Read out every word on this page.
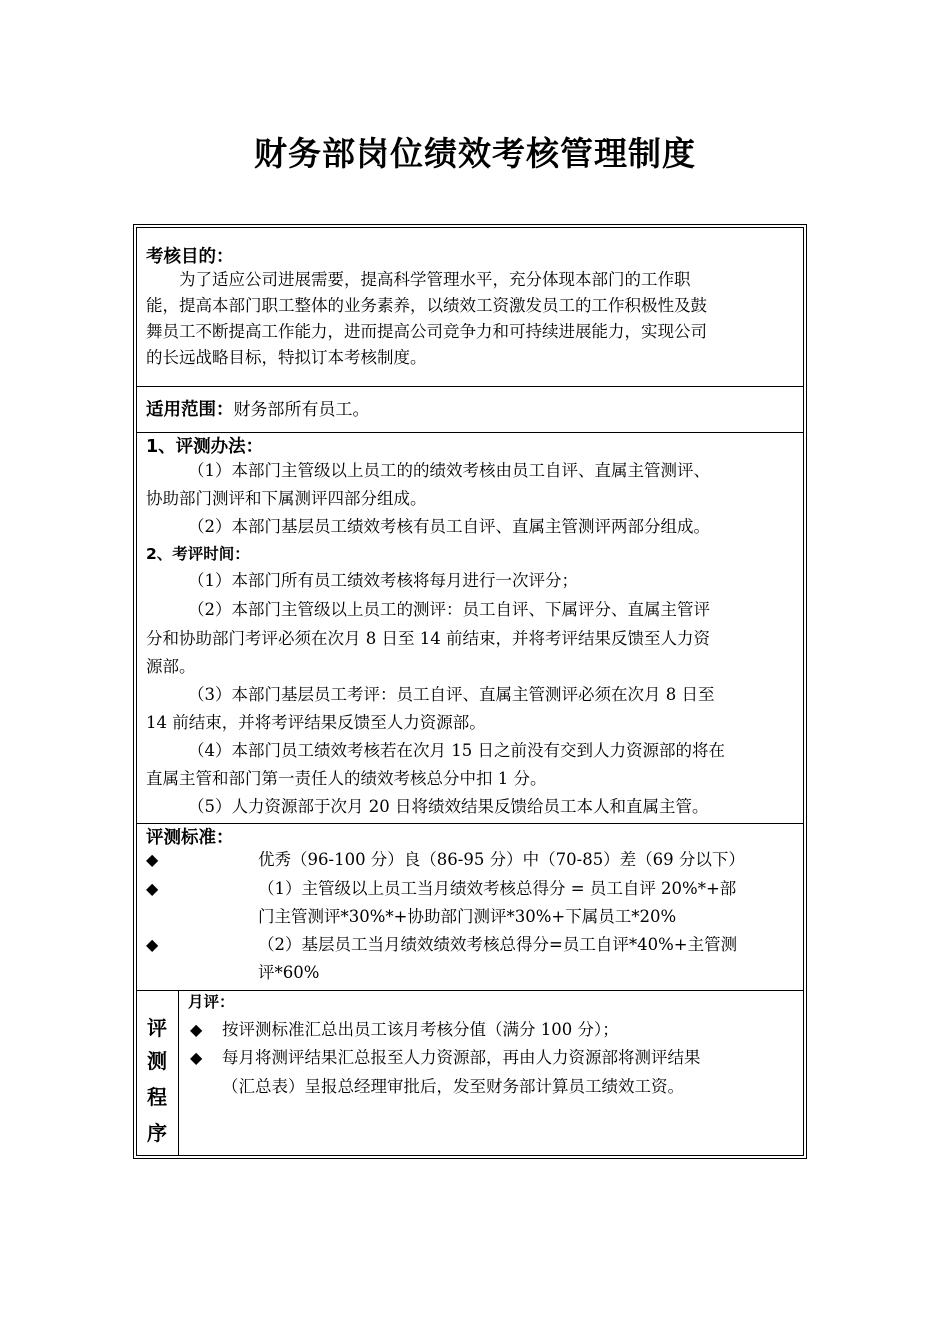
财务部岗位绩效考核管理制度
考核目的：
为了适应公司进展需要，提高科学管理水平，充分体现本部门的工作职
能，提高本部门职工整体的业务素养，以绩效工资激发员工的工作积极性及鼓
舞员工不断提高工作能力，进而提高公司竞争力和可持续进展能力，实现公司
的长远战略目标，特拟订本考核制度。
适用范围：财务部所有员工。
1、评测办法：
（1）本部门主管级以上员工的的绩效考核由员工自评、直属主管测评、
协助部门测评和下属测评四部分组成。
（2）本部门基层员工绩效考核有员工自评、直属主管测评两部分组成。
2、考评时间：
（1）本部门所有员工绩效考核将每月进行一次评分；
（2）本部门主管级以上员工的测评：员工自评、下属评分、直属主管评
分和协助部门考评必须在次月 8 日至 14 前结束，并将考评结果反馈至人力资
源部。
（3）本部门基层员工考评：员工自评、直属主管测评必须在次月 8 日至
14 前结束，并将考评结果反馈至人力资源部。
（4）本部门员工绩效考核若在次月 15 日之前没有交到人力资源部的将在
直属主管和部门第一责任人的绩效考核总分中扣 1 分。
（5）人力资源部于次月 20 日将绩效结果反馈给员工本人和直属主管。
评测标准：
◆	优秀（96-100 分）良（86-95 分）中（70-85）差（69 分以下）
◆	（1）主管级以上员工当月绩效考核总得分 = 员工自评 20%*+部
门主管测评*30%*+协助部门测评*30%+下属员工*20%
◆	（2）基层员工当月绩效绩效考核总得分=员工自评*40%+主管测
评*60%
评
测
程
序
月评：
◆ 按评测标准汇总出员工该月考核分值（满分 100 分）；
◆ 每月将测评结果汇总报至人力资源部，再由人力资源部将测评结果
（汇总表）呈报总经理审批后，发至财务部计算员工绩效工资。
